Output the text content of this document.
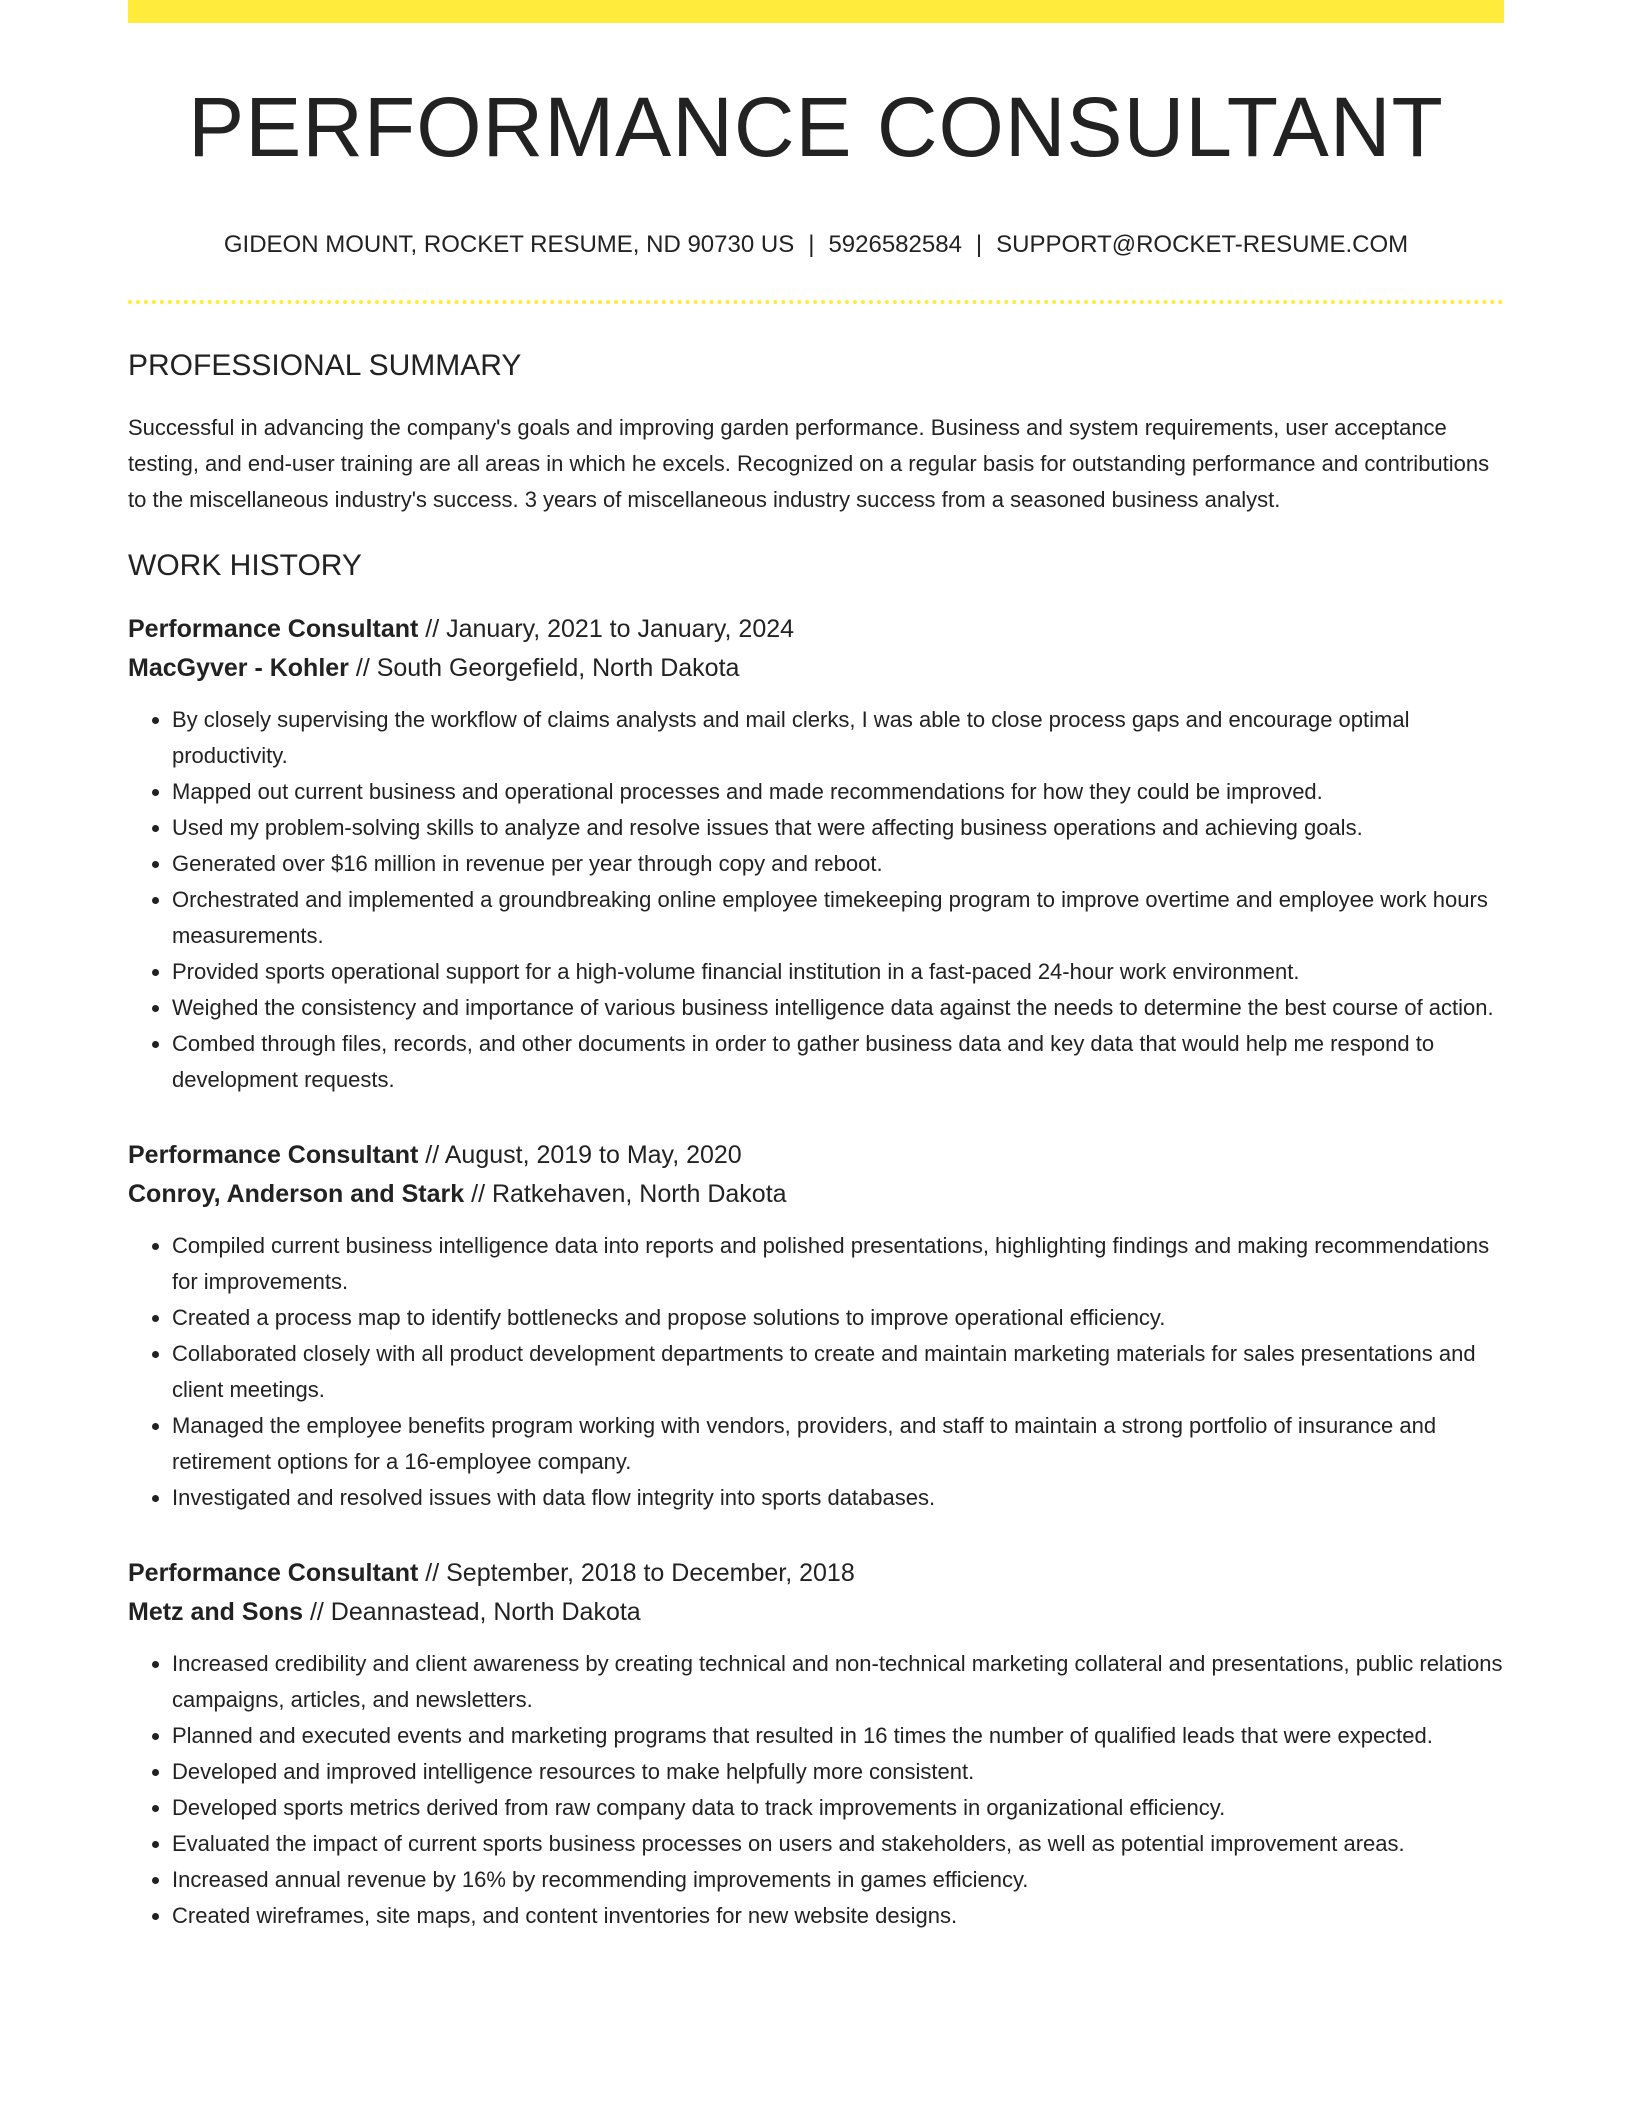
PERFORMANCE CONSULTANT
GIDEON MOUNT, ROCKET RESUME, ND 90730 US | 5926582584 | SUPPORT@ROCKET-RESUME.COM
PROFESSIONAL SUMMARY

Successful in advancing the company's goals and improving garden performance. Business and system requirements, user acceptance testing, and end-user training are all areas in which he excels. Recognized on a regular basis for outstanding performance and contributions to the miscellaneous industry's success. 3 years of miscellaneous industry success from a seasoned business analyst.

WORK HISTORY
Performance Consultant // January, 2021 to January, 2024
MacGyver - Kohler // South Georgefield, North Dakota
• By closely supervising the workflow of claims analysts and mail clerks, I was able to close process gaps and encourage optimal productivity.
• Mapped out current business and operational processes and made recommendations for how they could be improved.
• Used my problem-solving skills to analyze and resolve issues that were affecting business operations and achieving goals.
• Generated over $16 million in revenue per year through copy and reboot.
• Orchestrated and implemented a groundbreaking online employee timekeeping program to improve overtime and employee work hours measurements.
• Provided sports operational support for a high-volume financial institution in a fast-paced 24-hour work environment.
• Weighed the consistency and importance of various business intelligence data against the needs to determine the best course of action.
• Combed through files, records, and other documents in order to gather business data and key data that would help me respond to development requests.
Performance Consultant // August, 2019 to May, 2020
Conroy, Anderson and Stark // Ratkehaven, North Dakota
• Compiled current business intelligence data into reports and polished presentations, highlighting findings and making recommendations for improvements.
• Created a process map to identify bottlenecks and propose solutions to improve operational efficiency.
• Collaborated closely with all product development departments to create and maintain marketing materials for sales presentations and client meetings.
• Managed the employee benefits program working with vendors, providers, and staff to maintain a strong portfolio of insurance and retirement options for a 16-employee company.
• Investigated and resolved issues with data flow integrity into sports databases.
Performance Consultant // September, 2018 to December, 2018
Metz and Sons // Deannastead, North Dakota
• Increased credibility and client awareness by creating technical and non-technical marketing collateral and presentations, public relations campaigns, articles, and newsletters.
• Planned and executed events and marketing programs that resulted in 16 times the number of qualified leads that were expected.
• Developed and improved intelligence resources to make helpfully more consistent.
• Developed sports metrics derived from raw company data to track improvements in organizational efficiency.
• Evaluated the impact of current sports business processes on users and stakeholders, as well as potential improvement areas.
• Increased annual revenue by 16% by recommending improvements in games efficiency.
• Created wireframes, site maps, and content inventories for new website designs.
